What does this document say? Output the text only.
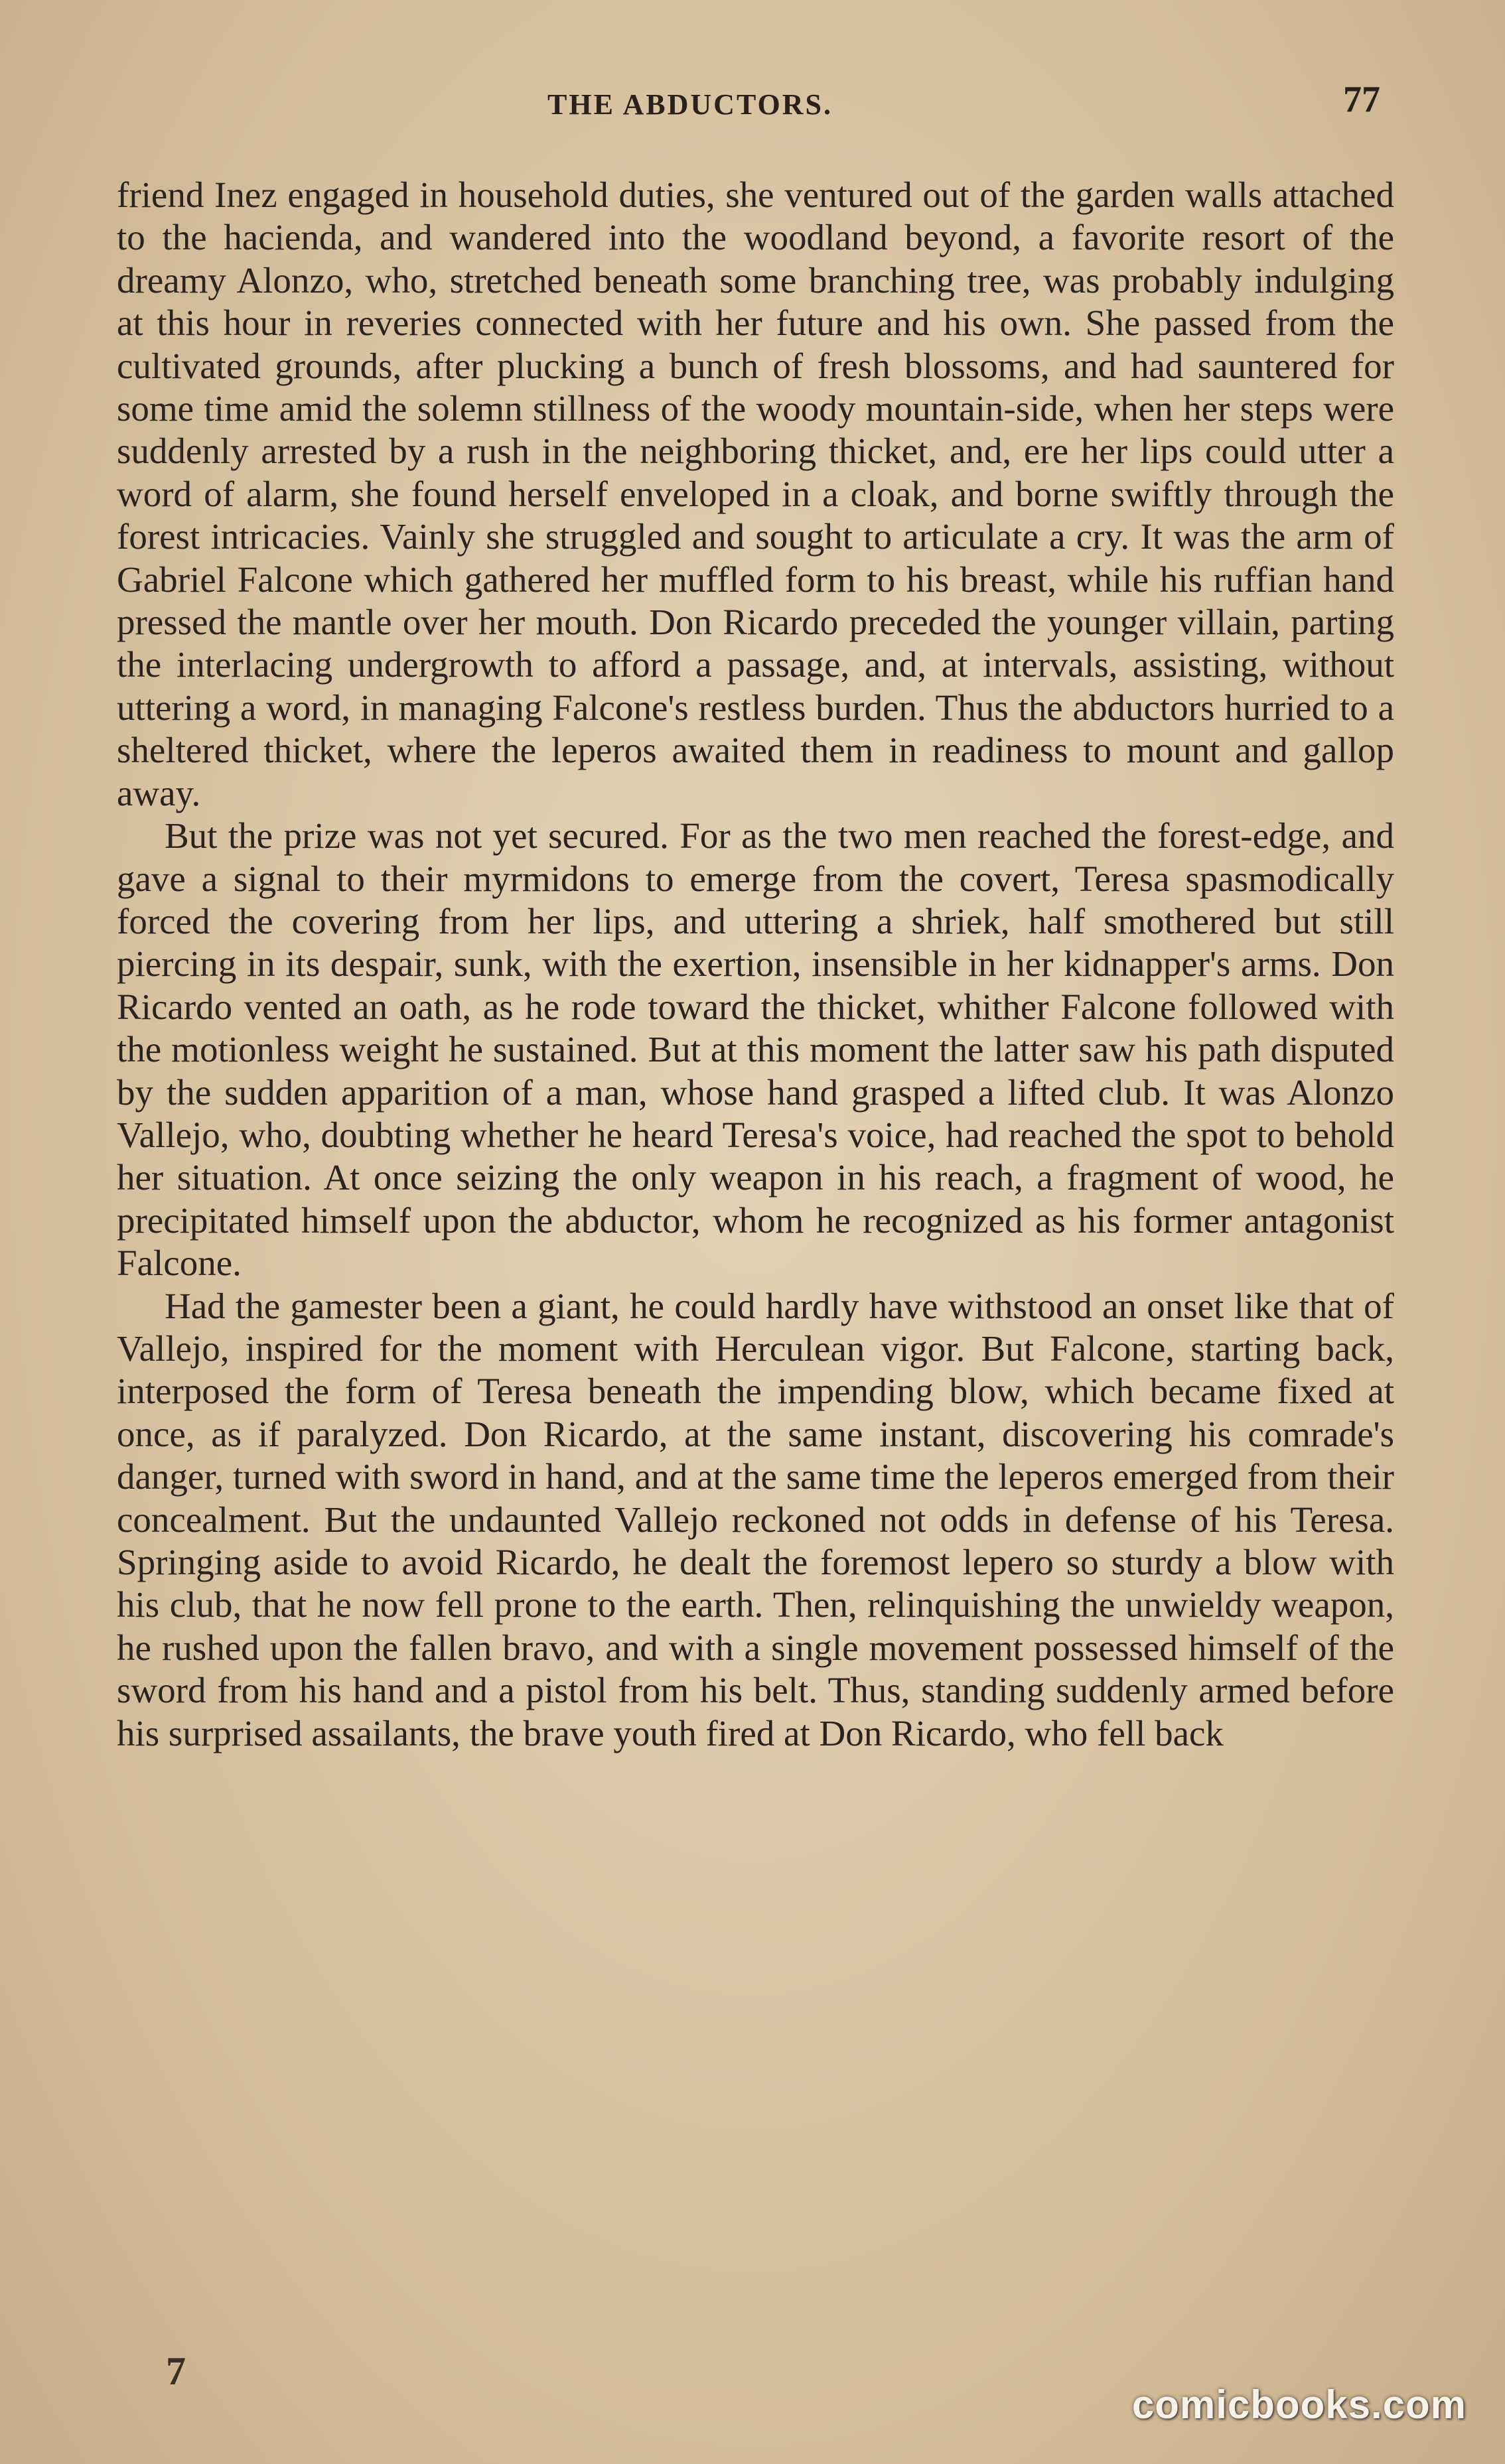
THE ABDUCTORS.	77

friend Inez engaged in household duties, she ventured out of the garden walls attached to the hacienda, and wandered into the woodland beyond, a favorite resort of the dreamy Alonzo, who, stretched beneath some branching tree, was probably indulging at this hour in reveries connected with her future and his own. She passed from the cultivated grounds, after plucking a bunch of fresh blossoms, and had sauntered for some time amid the solemn stillness of the woody mountain-side, when her steps were suddenly arrested by a rush in the neighboring thicket, and, ere her lips could utter a word of alarm, she found herself enveloped in a cloak, and borne swiftly through the forest intricacies. Vainly she struggled and sought to articulate a cry. It was the arm of Gabriel Falcone which gathered her muffled form to his breast, while his ruffian hand pressed the mantle over her mouth. Don Ricardo preceded the younger villain, parting the interlacing undergrowth to afford a passage, and, at intervals, assisting, without uttering a word, in managing Falcone's restless burden. Thus the abductors hurried to a sheltered thicket, where the leperos awaited them in readiness to mount and gallop away.

But the prize was not yet secured. For as the two men reached the forest-edge, and gave a signal to their myrmidons to emerge from the covert, Teresa spasmodically forced the covering from her lips, and uttering a shriek, half smothered but still piercing in its despair, sunk, with the exertion, insensible in her kidnapper's arms. Don Ricardo vented an oath, as he rode toward the thicket, whither Falcone followed with the motionless weight he sustained. But at this moment the latter saw his path disputed by the sudden apparition of a man, whose hand grasped a lifted club. It was Alonzo Vallejo, who, doubting whether he heard Teresa's voice, had reached the spot to behold her situation. At once seizing the only weapon in his reach, a fragment of wood, he precipitated himself upon the abductor, whom he recognized as his former antagonist Falcone.

Had the gamester been a giant, he could hardly have withstood an onset like that of Vallejo, inspired for the moment with Herculean vigor. But Falcone, starting back, interposed the form of Teresa beneath the impending blow, which became fixed at once, as if paralyzed. Don Ricardo, at the same instant, discovering his comrade's danger, turned with sword in hand, and at the same time the leperos emerged from their concealment. But the undaunted Vallejo reckoned not odds in defense of his Teresa. Springing aside to avoid Ricardo, he dealt the foremost lepero so sturdy a blow with his club, that he now fell prone to the earth. Then, relinquishing the unwieldy weapon, he rushed upon the fallen bravo, and with a single movement possessed himself of the sword from his hand and a pistol from his belt. Thus, standing suddenly armed before his surprised assailants, the brave youth fired at Don Ricardo, who fell back

7
comicbooks.com
